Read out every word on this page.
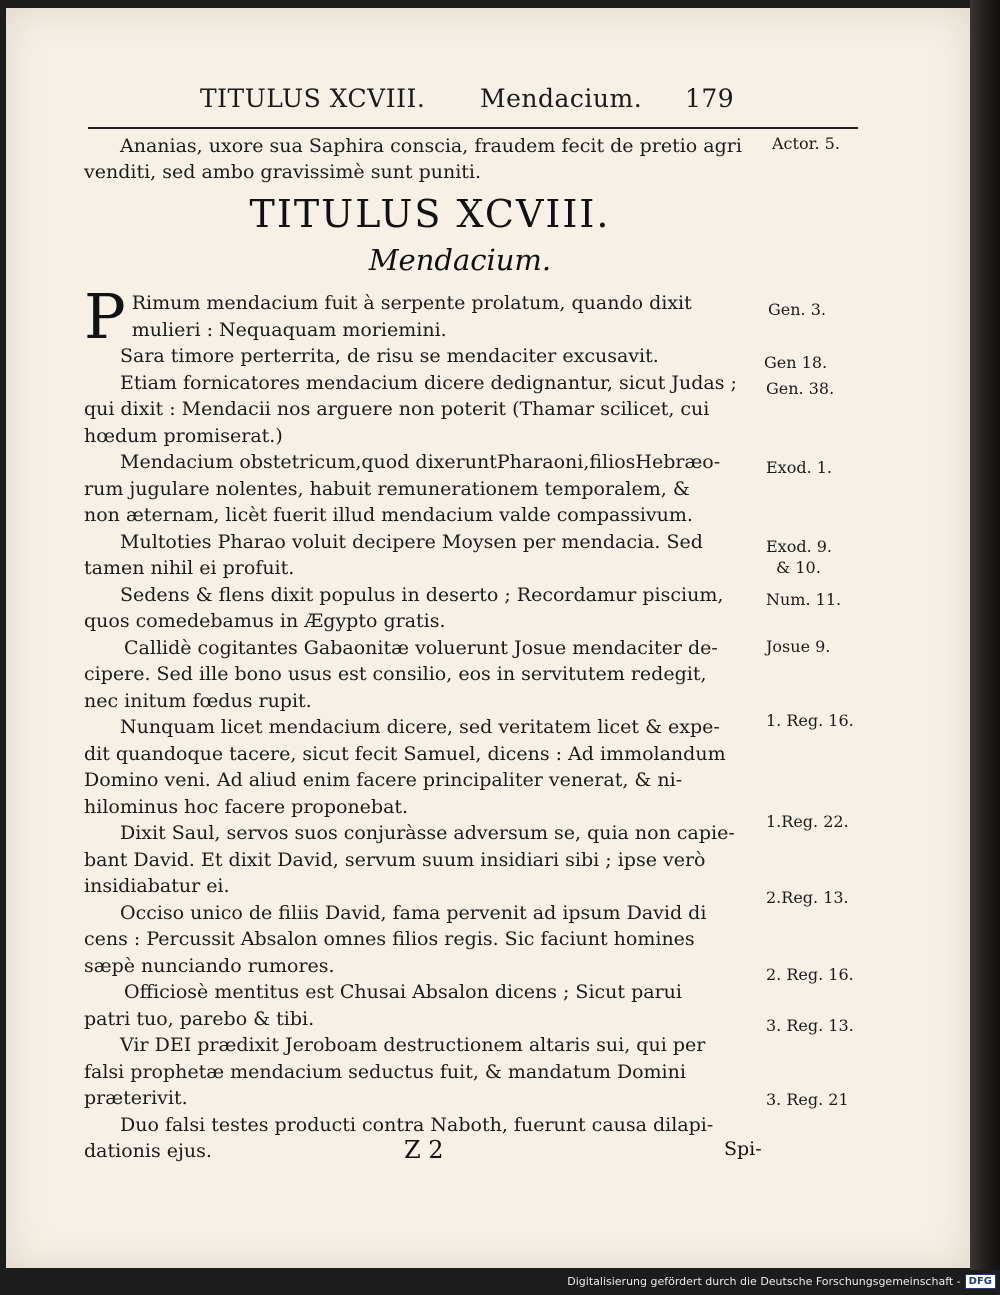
TITULUS XCVIII. Mendacium. 179
Ananias, uxore sua Saphira conscia, fraudem fecit de pretio agri
venditi, sed ambo gravissimè sunt puniti.
TITULUS XCVIII.
Mendacium.
P Rimum mendacium fuit à serpente prolatum, quando dixit
mulieri : Nequaquam moriemini.
Sara timore perterrita, de risu se mendaciter excusavit.
Etiam fornicatores mendacium dicere dedignantur, sicut Judas ;
qui dixit : Mendacii nos arguere non poterit (Thamar scilicet, cui
hœdum promiserat.)
Mendacium obstetricum,quod dixeruntPharaoni,filiosHebræo-
rum jugulare nolentes, habuit remunerationem temporalem, &
non æternam, licèt fuerit illud mendacium valde compassivum.
Multoties Pharao voluit decipere Moysen per mendacia. Sed
tamen nihil ei profuit.
Sedens & flens dixit populus in deserto ; Recordamur piscium,
quos comedebamus in Ægypto gratis.
Callidè cogitantes Gabaonitæ voluerunt Josue mendaciter de-
cipere. Sed ille bono usus est consilio, eos in servitutem redegit,
nec initum fœdus rupit.
Nunquam licet mendacium dicere, sed veritatem licet & expe-
dit quandoque tacere, sicut fecit Samuel, dicens : Ad immolandum
Domino veni. Ad aliud enim facere principaliter venerat, & ni-
hilominus hoc facere proponebat.
Dixit Saul, servos suos conjuràsse adversum se, quia non capie-
bant David. Et dixit David, servum suum insidiari sibi ; ipse verò
insidiabatur ei.
Occiso unico de filiis David, fama pervenit ad ipsum David di
cens : Percussit Absalon omnes filios regis. Sic faciunt homines
sæpè nunciando rumores.
Officiosè mentitus est Chusai Absalon dicens ; Sicut parui
patri tuo, parebo & tibi.
Vir DEI prædixit Jeroboam destructionem altaris sui, qui per
falsi prophetæ mendacium seductus fuit, & mandatum Domini
præterivit.
Duo falsi testes producti contra Naboth, fuerunt causa dilapi-
dationis ejus.
Actor. 5.
Gen. 3.
Gen 18.
Gen. 38.
Exod. 1.
Exod. 9.
& 10.
Num. 11.
Josue 9.
1. Reg. 16.
1.Reg. 22.
2.Reg. 13.
2. Reg. 16.
3. Reg. 13.
3. Reg. 21
Z 2	Spi-
Digitalisierung gefördert durch die Deutsche Forschungsgemeinschaft - DFG
